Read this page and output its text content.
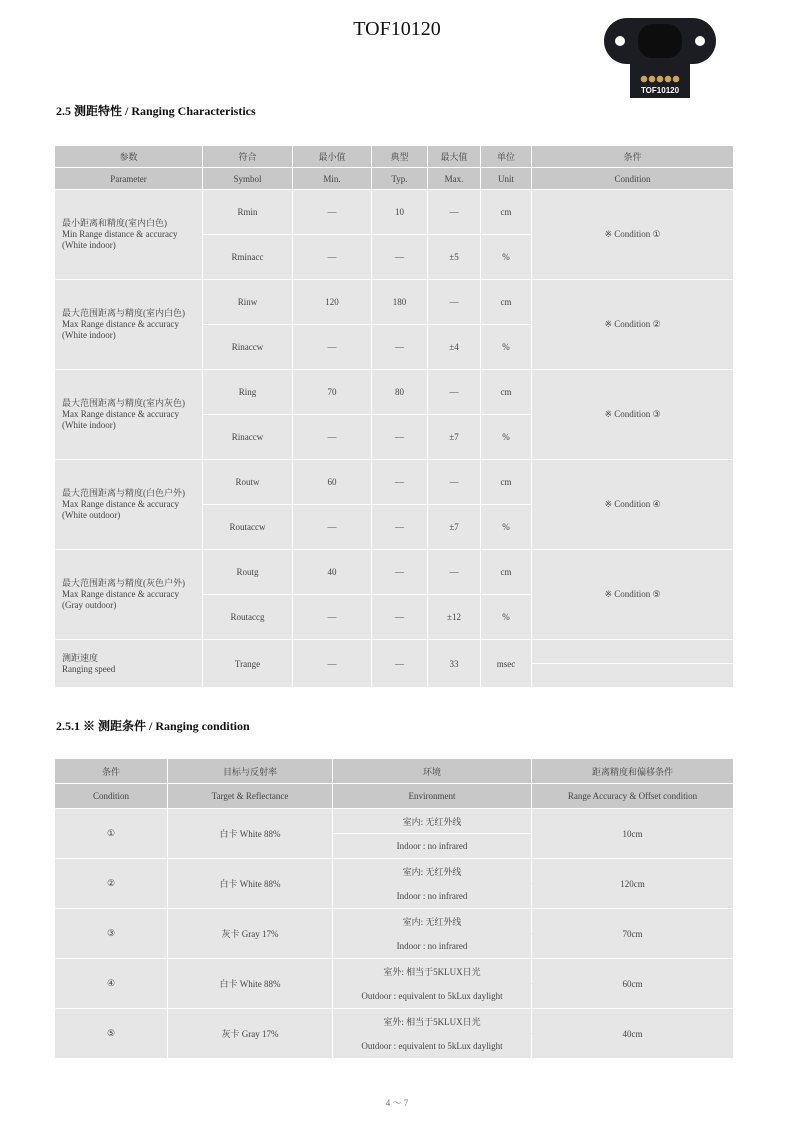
TOF10120
TOF10120
2.5 测距特性 / Ranging Characteristics
参数	符合	最小值	典型	最大值	单位	条件
Parameter	Symbol	Min.	Typ.	Max.	Unit	Condition

最小距离和精度(室内白色)
Min Range distance & accuracy
(White indoor)	Rmin	—	10	—	cm	※ Condition ①
	Rminacc	—	—	±5	%	

最大范围距离与精度(室内白色)
Max Range distance & accuracy
(White indoor)	Rinw	120	180	—	cm	※ Condition ②
	Rinaccw	—	—	±4	%	

最大范围距离与精度(室内灰色)
Max Range distance & accuracy
(White indoor)	Ring	70	80	—	cm	※ Condition ③
	Rinaccw	—	—	±7	%	

最大范围距离与精度(白色户外)
Max Range distance & accuracy
(White outdoor)	Routw	60	—	—	cm	※ Condition ④
	Routaccw	—	—	±7	%	

最大范围距离与精度(灰色户外)
Max Range distance & accuracy
(Gray outdoor)	Routg	40	—	—	cm	※ Condition ⑤
	Routaccg	—	—	±12	%	

测距速度
Ranging speed	Trange	—	—	33	msec	

2.5.1 ※ 测距条件 / Ranging condition
条件	目标与反射率	环境	距离精度和偏移条件
Condition	Target & Reflectance	Environment	Range Accuracy & Offset condition
①	白卡 White 88%	室内: 无红外线	10cm
		Indoor : no infrared	
②	白卡 White 88%	室内: 无红外线	120cm
		Indoor : no infrared	
③	灰卡 Gray 17%	室内: 无红外线	70cm
		Indoor : no infrared	
④	白卡 White 88%	室外: 相当于5KLUX日光	60cm
		Outdoor : equivalent to 5kLux daylight	
⑤	灰卡 Gray 17%	室外: 相当于5KLUX日光	40cm
		Outdoor : equivalent to 5kLux daylight	
4 ～ 7
